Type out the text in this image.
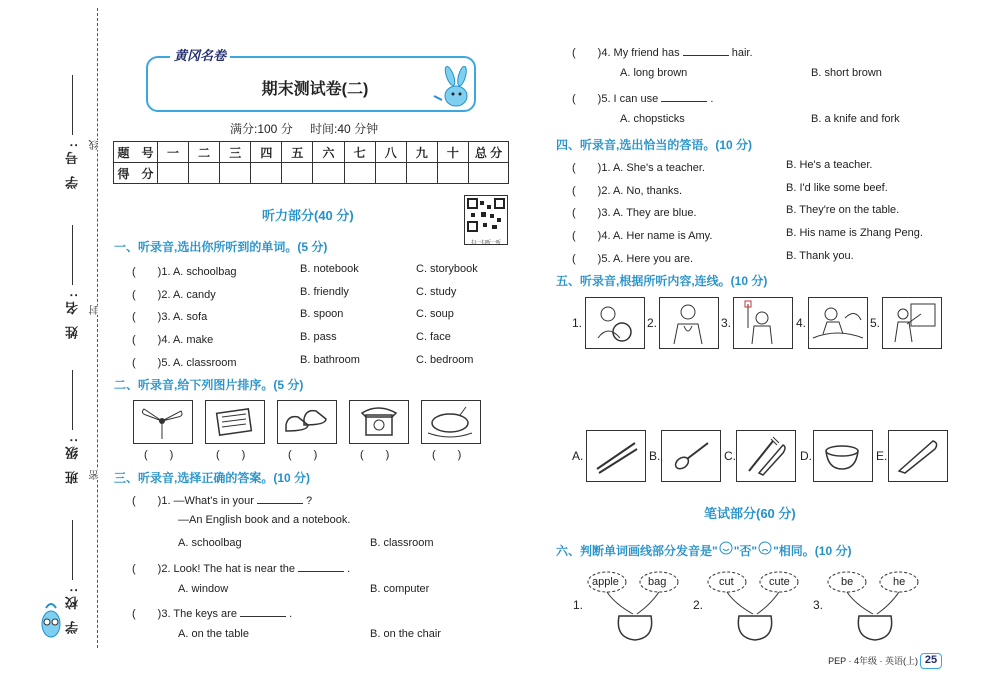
学 号:
姓 名:
班 级:
学 校:
线
封
密
黄冈名卷
期末测试卷(二)
满分:100 分 时间:40 分钟
题　号	一	二	三	四	五	六	七	八	九	十	总 分
得　分											
扫一扫听一听
听力部分(40 分)
一、听录音,选出你所听到的单词。(5 分)
(　　)1. A. schoolbag	B. notebook	C. storybook
(　　)2. A. candy	B. friendly	C. study
(　　)3. A. sofa	B. spoon	C. soup
(　　)4. A. make	B. pass	C. face
(　　)5. A. classroom	B. bathroom	C. bedroom
二、听录音,给下列图片排序。(5 分)
(　　)	(　　)	(　　)	(　　)	(　　)
三、听录音,选择正确的答案。(10 分)
(　　)1. —What's in your	?
—An English book and a notebook.
A. schoolbag	B. classroom
(　　)2. Look! The hat is near the	.
A. window	B. computer
(　　)3. The keys are	.
A. on the table	B. on the chair
(　　)4. My friend has	hair.
A. long brown	B. short brown
(　　)5. I can use	.
A. chopsticks	B. a knife and fork
四、听录音,选出恰当的答语。(10 分)
(　　)1. A. She's a teacher.	B. He's a teacher.
(　　)2. A. No, thanks.	B. I'd like some beef.
(　　)3. A. They are blue.	B. They're on the table.
(　　)4. A. Her name is Amy.	B. His name is Zhang Peng.
(　　)5. A. Here you are.	B. Thank you.
五、听录音,根据所听内容,连线。(10 分)
1.	2.	3.	4.	5.
A.	B.	C.	D.	E.
笔试部分(60 分)
六、判断单词画线部分发音是" "否" "相同。(10 分)
1.
apple	bag
2.
cut	cute
3.
be	he
PEP · 4年级 · 英语(上) 25
